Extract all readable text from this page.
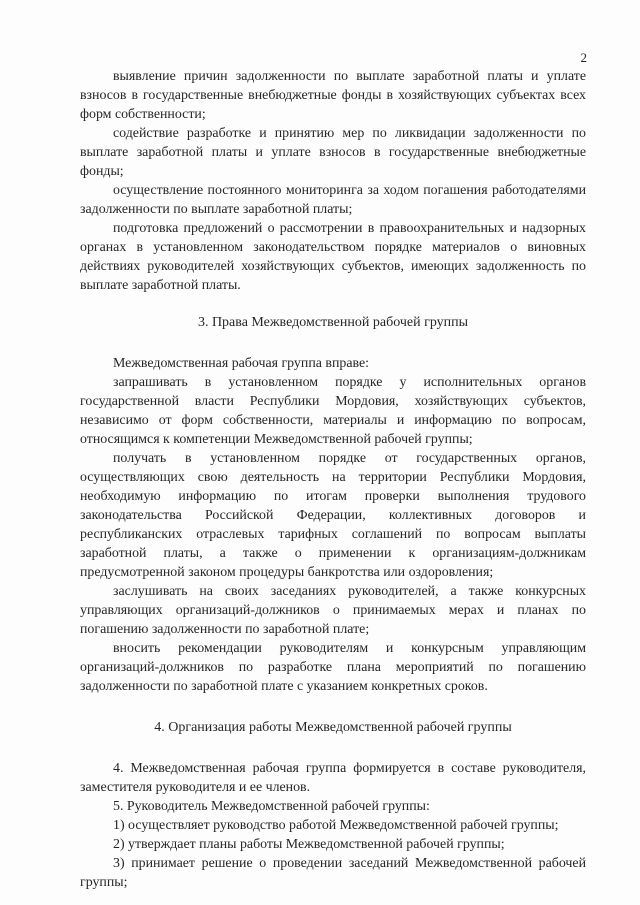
2

выявление причин задолженности по выплате заработной платы и уплате взносов в государственные внебюджетные фонды в хозяйствующих субъектах всех форм собственности;

содействие разработке и принятию мер по ликвидации задолженности по выплате заработной платы и уплате взносов в государственные внебюджетные фонды;

осуществление постоянного мониторинга за ходом погашения работодателями задолженности по выплате заработной платы;

подготовка предложений о рассмотрении в правоохранительных и надзорных органах в установленном законодательством порядке материалов о виновных действиях руководителей хозяйствующих субъектов, имеющих задолженность по выплате заработной платы.

3. Права Межведомственной рабочей группы

Межведомственная рабочая группа вправе:

запрашивать в установленном порядке у исполнительных органов государственной власти Республики Мордовия, хозяйствующих субъектов, независимо от форм собственности, материалы и информацию по вопросам, относящимся к компетенции Межведомственной рабочей группы;

получать в установленном порядке от государственных органов, осуществляющих свою деятельность на территории Республики Мордовия, необходимую информацию по итогам проверки выполнения трудового законодательства Российской Федерации, коллективных договоров и республиканских отраслевых тарифных соглашений по вопросам выплаты заработной платы, а также о применении к организациям-должникам предусмотренной законом процедуры банкротства или оздоровления;

заслушивать на своих заседаниях руководителей, а также конкурсных управляющих организаций-должников о принимаемых мерах и планах по погашению задолженности по заработной плате;

вносить рекомендации руководителям и конкурсным управляющим организаций-должников по разработке плана мероприятий по погашению задолженности по заработной плате с указанием конкретных сроков.

4. Организация работы Межведомственной рабочей группы

4. Межведомственная рабочая группа формируется в составе руководителя, заместителя руководителя и ее членов.

5. Руководитель Межведомственной рабочей группы:

1) осуществляет руководство работой Межведомственной рабочей группы;

2) утверждает планы работы Межведомственной рабочей группы;

3) принимает решение о проведении заседаний Межведомственной рабочей группы;
